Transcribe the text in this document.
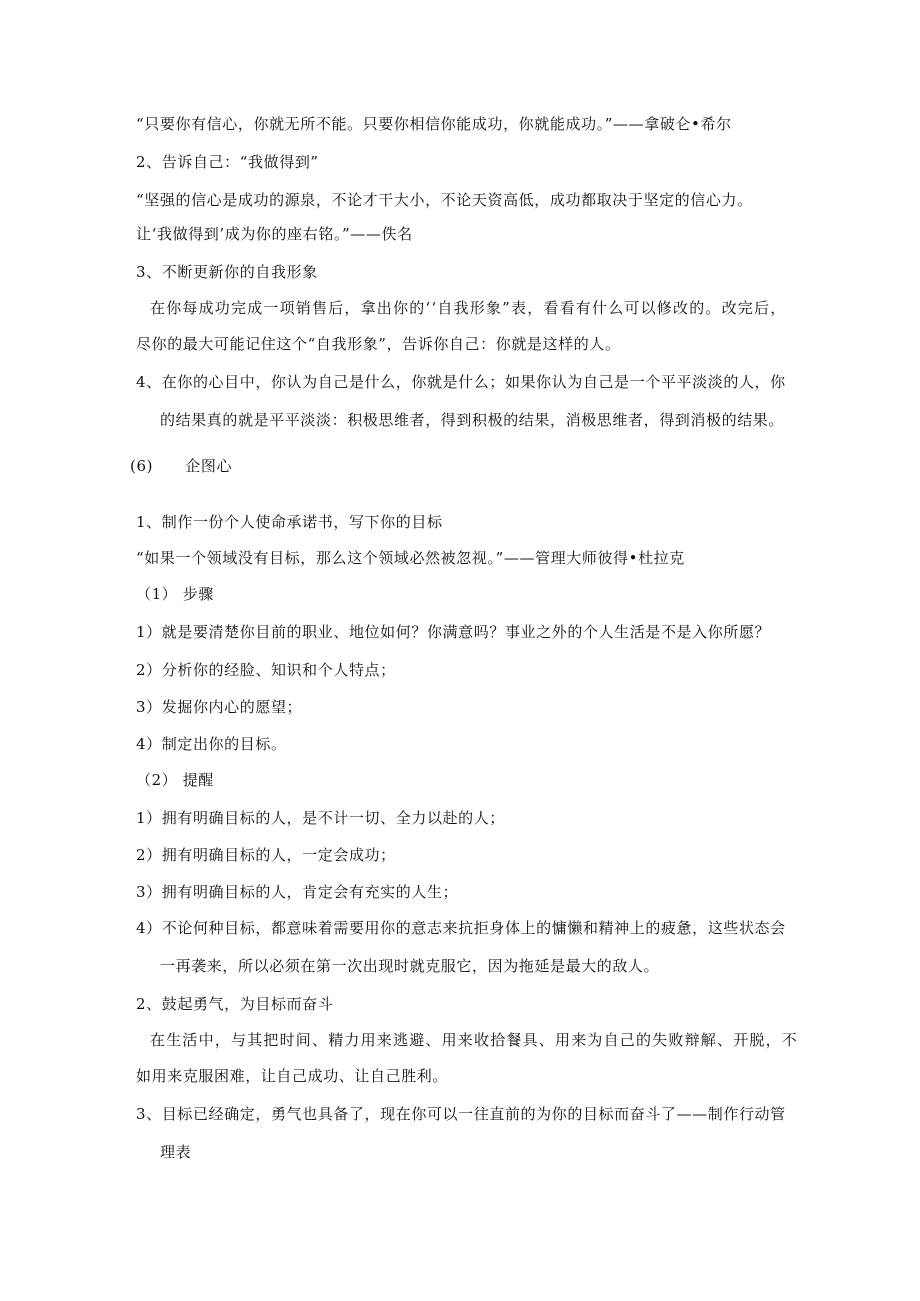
“只要你有信心，你就无所不能。只要你相信你能成功，你就能成功。”——拿破仑•希尔
2、告诉自己：“我做得到”
“坚强的信心是成功的源泉，不论才干大小，不论天资高低，成功都取决于坚定的信心力。
让‘我做得到’成为你的座右铭。”——佚名
3、不断更新你的自我形象
在你每成功完成一项销售后，拿出你的‘‘自我形象”表，看看有什么可以修改的。改完后，
尽你的最大可能记住这个“自我形象”，告诉你自己：你就是这样的人。
4、在你的心目中，你认为自己是什么，你就是什么；如果你认为自己是一个平平淡淡的人，你
的结果真的就是平平淡淡：积极思维者，得到积极的结果，消极思维者，得到消极的结果。
(6)      企图心
1、制作一份个人使命承诺书，写下你的目标
“如果一个领域没有目标，那么这个领域必然被忽视。”——管理大师彼得•杜拉克
（1） 步骤
1）就是要清楚你目前的职业、地位如何？你满意吗？事业之外的个人生活是不是入你所愿？
2）分析你的经脸、知识和个人特点；
3）发掘你内心的愿望；
4）制定出你的目标。
（2） 提醒
1）拥有明确目标的人，是不计一切、全力以赴的人；
2）拥有明确目标的人，一定会成功；
3）拥有明确目标的人，肯定会有充实的人生；
4）不论何种目标，都意味着需要用你的意志来抗拒身体上的慵懒和精神上的疲惫，这些状态会
一再袭来，所以必须在第一次出现时就克服它，因为拖延是最大的敌人。
2、鼓起勇气，为目标而奋斗
在生活中，与其把时间、精力用来逃避、用来收拾餐具、用来为自己的失败辩解、开脱，不
如用来克服困难，让自己成功、让自己胜利。
3、目标已经确定，勇气也具备了，现在你可以一往直前的为你的目标而奋斗了——制作行动管
理表
